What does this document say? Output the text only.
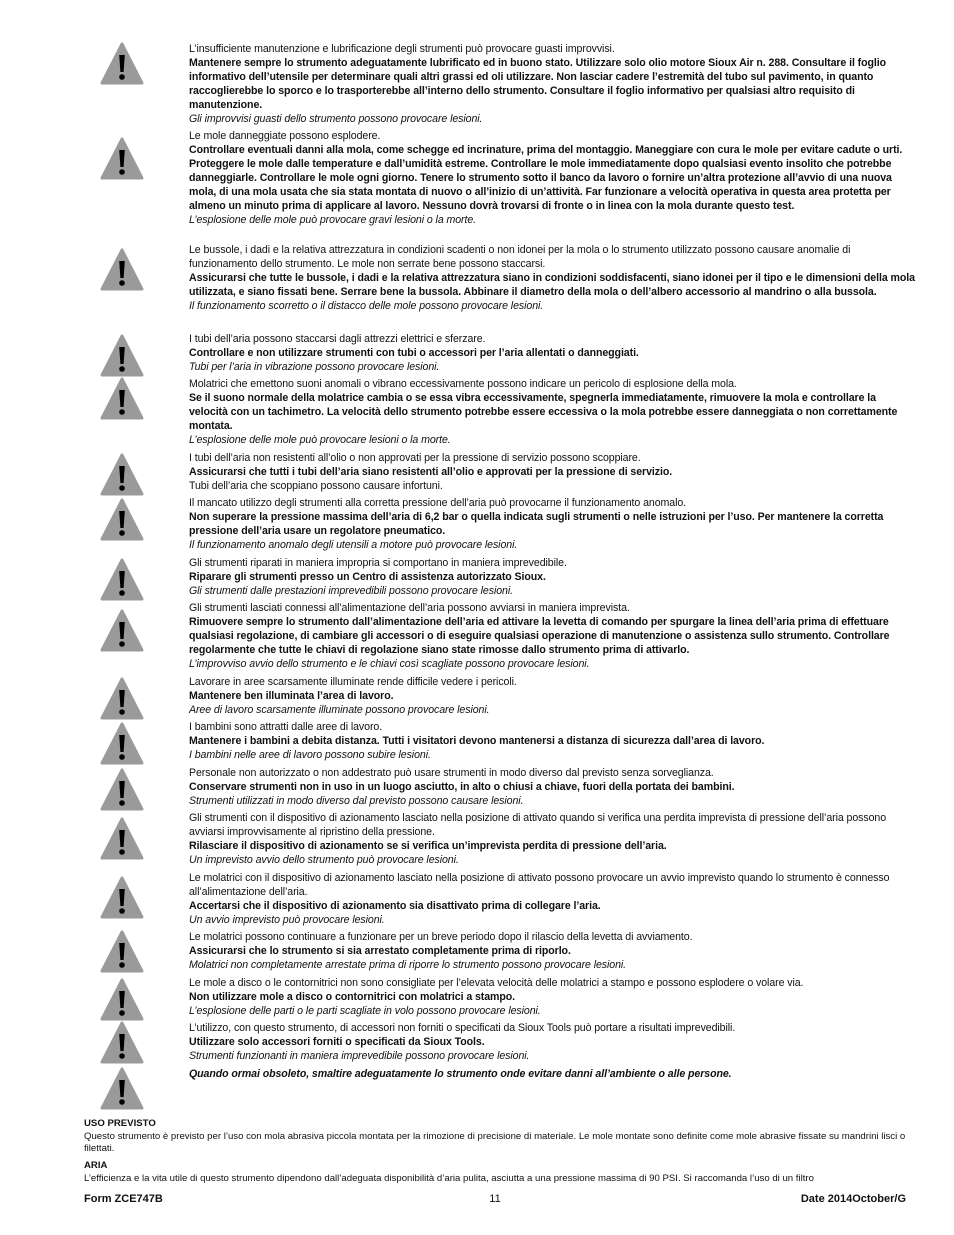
L’insufficiente manutenzione e lubrificazione degli strumenti può provocare guasti improvvisi.

Mantenere sempre lo strumento adeguatamente lubrificato ed in buono stato. Utilizzare solo olio motore Sioux Air n. 288. Consultare il foglio informativo dell’utensile per determinare quali altri grassi ed oli utilizzare. Non lasciar cadere l’estremità del tubo sul pavimento, in quanto raccoglierebbe lo sporco e lo trasporterebbe all’interno dello strumento. Consultare il foglio informativo per qualsiasi altro requisito di manutenzione.

Gli improvvisi guasti dello strumento possono provocare lesioni.

Le mole danneggiate possono esplodere.

Controllare eventuali danni alla mola, come schegge ed incrinature, prima del montaggio. Maneggiare con cura le mole per evitare cadute o urti. Proteggere le mole dalle temperature e dall’umidità estreme. Controllare le mole immediatamente dopo qualsiasi evento insolito che potrebbe danneggiarle. Controllare le mole ogni giorno. Tenere lo strumento sotto il banco da lavoro o fornire un’altra protezione all’avvio di una nuova mola, di una mola usata che sia stata montata di nuovo o all’inizio di un’attività. Far funzionare a velocità operativa in questa area protetta per almeno un minuto prima di applicare al lavoro. Nessuno dovrà trovarsi di fronte o in linea con la mola durante questo test.

L’esplosione delle mole può provocare gravi lesioni o la morte.

Le bussole, i dadi e la relativa attrezzatura in condizioni scadenti o non idonei per la mola o lo strumento utilizzato possono causare anomalie di funzionamento dello strumento. Le mole non serrate bene possono staccarsi.

Assicurarsi che tutte le bussole, i dadi e la relativa attrezzatura siano in condizioni soddisfacenti, siano idonei per il tipo e le dimensioni della mola utilizzata, e siano fissati bene. Serrare bene la bussola. Abbinare il diametro della mola o dell’albero accessorio al mandrino o alla bussola.

Il funzionamento scorretto o il distacco delle mole possono provocare lesioni.

I tubi dell’aria possono staccarsi dagli attrezzi elettrici e sferzare.

Controllare e non utilizzare strumenti con tubi o accessori per l’aria allentati o danneggiati.

Tubi per l’aria in vibrazione possono provocare lesioni.

Molatrici che emettono suoni anomali o vibrano eccessivamente possono indicare un pericolo di esplosione della mola.

Se il suono normale della molatrice cambia o se essa vibra eccessivamente, spegnerla immediatamente, rimuovere la mola e controllare la velocità con un tachimetro. La velocità dello strumento potrebbe essere eccessiva o la mola potrebbe essere danneggiata o non correttamente montata.

L’esplosione delle mole può provocare lesioni o la morte.

I tubi dell’aria non resistenti all’olio o non approvati per la pressione di servizio possono scoppiare.

Assicurarsi che tutti i tubi dell’aria siano resistenti all’olio e approvati per la pressione di servizio.

Tubi dell’aria che scoppiano possono causare infortuni.

Il mancato utilizzo degli strumenti alla corretta pressione dell’aria può provocarne il funzionamento anomalo.

Non superare la pressione massima dell’aria di 6,2 bar o quella indicata sugli strumenti o nelle istruzioni per l’uso. Per mantenere la corretta pressione dell’aria usare un regolatore pneumatico.

Il funzionamento anomalo degli utensili a motore può provocare lesioni.

Gli strumenti riparati in maniera impropria si comportano in maniera imprevedibile.

Riparare gli strumenti presso un Centro di assistenza autorizzato Sioux.

Gli strumenti dalle prestazioni imprevedibili possono provocare lesioni.

Gli strumenti lasciati connessi all’alimentazione dell’aria possono avviarsi in maniera imprevista.

Rimuovere sempre lo strumento dall’alimentazione dell’aria ed attivare la levetta di comando per spurgare la linea dell’aria prima di effettuare qualsiasi regolazione, di cambiare gli accessori o di eseguire qualsiasi operazione di manutenzione o assistenza sullo strumento. Controllare regolarmente che tutte le chiavi di regolazione siano state rimosse dallo strumento prima di attivarlo.

L’improvviso avvio dello strumento e le chiavi così scagliate possono provocare lesioni.

Lavorare in aree scarsamente illuminate rende difficile vedere i pericoli.

Mantenere ben illuminata l’area di lavoro.

Aree di lavoro scarsamente illuminate possono provocare lesioni.

I bambini sono attratti dalle aree di lavoro.

Mantenere i bambini a debita distanza. Tutti i visitatori devono mantenersi a distanza di sicurezza dall’area di lavoro.

I bambini nelle aree di lavoro possono subire lesioni.

Personale non autorizzato o non addestrato può usare strumenti in modo diverso dal previsto senza sorveglianza.

Conservare strumenti non in uso in un luogo asciutto, in alto o chiusi a chiave, fuori della portata dei bambini.

Strumenti utilizzati in modo diverso dal previsto possono causare lesioni.

Gli strumenti con il dispositivo di azionamento lasciato nella posizione di attivato quando si verifica una perdita imprevista di pressione dell’aria possono avviarsi improvvisamente al ripristino della pressione.

Rilasciare il dispositivo di azionamento se si verifica un’imprevista perdita di pressione dell’aria.

Un imprevisto avvio dello strumento può provocare lesioni.

Le molatrici con il dispositivo di azionamento lasciato nella posizione di attivato possono provocare un avvio imprevisto quando lo strumento è connesso all’alimentazione dell’aria.

Accertarsi che il dispositivo di azionamento sia disattivato prima di collegare l’aria.

Un avvio imprevisto può provocare lesioni.

Le molatrici possono continuare a funzionare per un breve periodo dopo il rilascio della levetta di avviamento.

Assicurarsi che lo strumento si sia arrestato completamente prima di riporlo.

Molatrici non completamente arrestate prima di riporre lo strumento possono provocare lesioni.

Le mole a disco o le contornitrici non sono consigliate per l’elevata velocità delle molatrici a stampo e possono esplodere o volare via.

Non utilizzare mole a disco o contornitrici con molatrici a stampo.

L’esplosione delle parti o le parti scagliate in volo possono provocare lesioni.

L’utilizzo, con questo strumento, di accessori non forniti o specificati da Sioux Tools può portare a risultati imprevedibili.

Utilizzare solo accessori forniti o specificati da Sioux Tools.

Strumenti funzionanti in maniera imprevedibile possono provocare lesioni.

Quando ormai obsoleto, smaltire adeguatamente lo strumento onde evitare danni all’ambiente o alle persone.

USO PREVISTO
Questo strumento è previsto per l’uso con mola abrasiva piccola montata per la rimozione di precisione di materiale. Le mole montate sono definite come mole abrasive fissate su mandrini lisci o filettati.
ARIA
L’efficienza e la vita utile di questo strumento dipendono dall’adeguata disponibilità d’aria pulita, asciutta a una pressione massima di 90 PSI. Si raccomanda l’uso di un filtro
Form ZCE747B	11	Date 2014October/G
